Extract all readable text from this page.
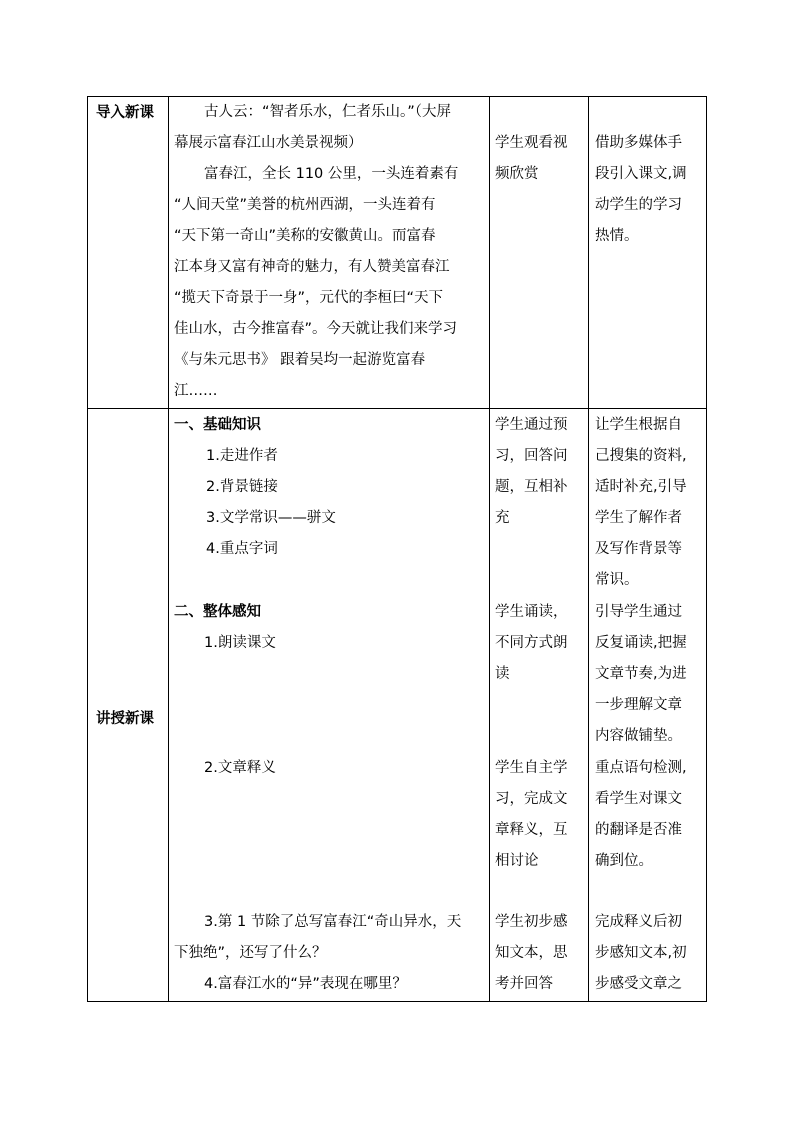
导入新课	古人云：“智者乐水，仁者乐山。”（大屏

幕展示富春江山水美景视频）

富春江，全长 110 公里，一头连着素有

“人间天堂”美誉的杭州西湖，一头连着有

“天下第一奇山”美称的安徽黄山。而富春

江本身又富有神奇的魅力，有人赞美富春江

“揽天下奇景于一身”，元代的李桓曰“天下

佳山水，古今推富春”。今天就让我们来学习

《与朱元思书》 跟着吴均一起游览富春

江……

学生观看视

频欣赏

借助多媒体手

段引入课文,调

动学生的学习

热情。

讲授新课

一、基础知识

1.走进作者

2.背景链接

3.文学常识——骈文

4.重点字词

学生通过预

习，回答问

题，互相补

充

让学生根据自

己搜集的资料,

适时补充,引导

学生了解作者

及写作背景等

常识。

二、整体感知

1.朗读课文

学生诵读，

不同方式朗

读

引导学生通过

反复诵读,把握

文章节奏,为进

一步理解文章

内容做铺垫。

2.文章释义	学生自主学

习，完成文

章释义，互

相讨论

重点语句检测,

看学生对课文

的翻译是否准

确到位。

3.第 1 节除了总写富春江“奇山异水，天

下独绝”，还写了什么？

4.富春江水的“异”表现在哪里？

学生初步感

知文本，思

考并回答

完成释义后初

步感知文本,初

步感受文章之
